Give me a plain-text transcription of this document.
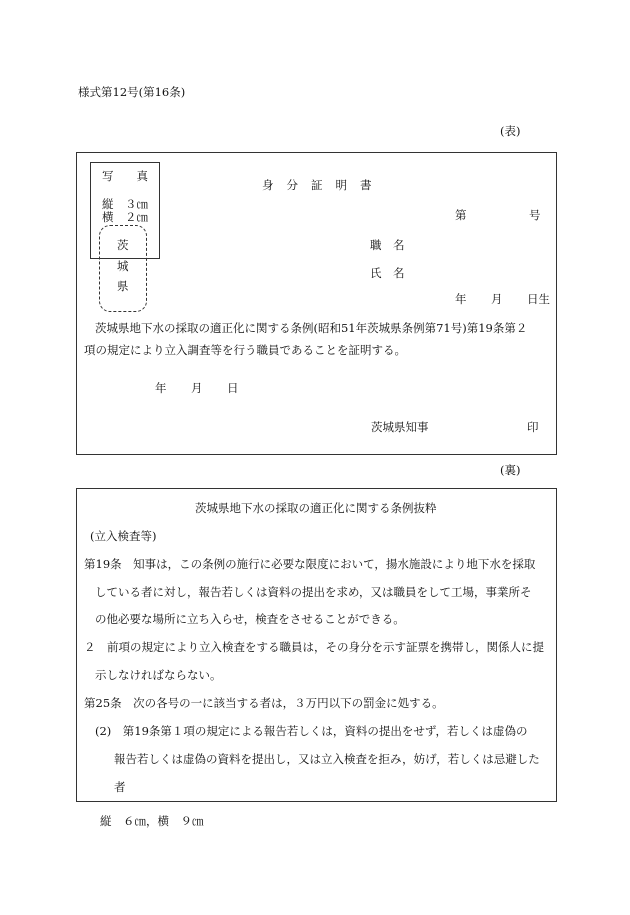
様式第12号(第16条)
(表)
写　　真
縦　３㎝
横　２㎝
茨
城
県
身分証明書
第	号
職　名
氏　名
年 月 日生
茨城県地下水の採取の適正化に関する条例(昭和51年茨城県条例第71号)第19条第２
項の規定により立入調査等を行う職員であることを証明する。
年 月 日
茨城県知事	印
(裏)
茨城県地下水の採取の適正化に関する条例抜粋
(立入検査等)
第19条　知事は，この条例の施行に必要な限度において，揚水施設により地下水を採取
している者に対し，報告若しくは資料の提出を求め，又は職員をして工場，事業所そ
の他必要な場所に立ち入らせ，検査をさせることができる。
２　前項の規定により立入検査をする職員は，その身分を示す証票を携帯し，関係人に提
示しなければならない。
第25条　次の各号の一に該当する者は，３万円以下の罰金に処する。
(2)　第19条第１項の規定による報告若しくは，資料の提出をせず，若しくは虚偽の
報告若しくは虚偽の資料を提出し，又は立入検査を拒み，妨げ，若しくは忌避した
者
縦　６㎝，横　９㎝
